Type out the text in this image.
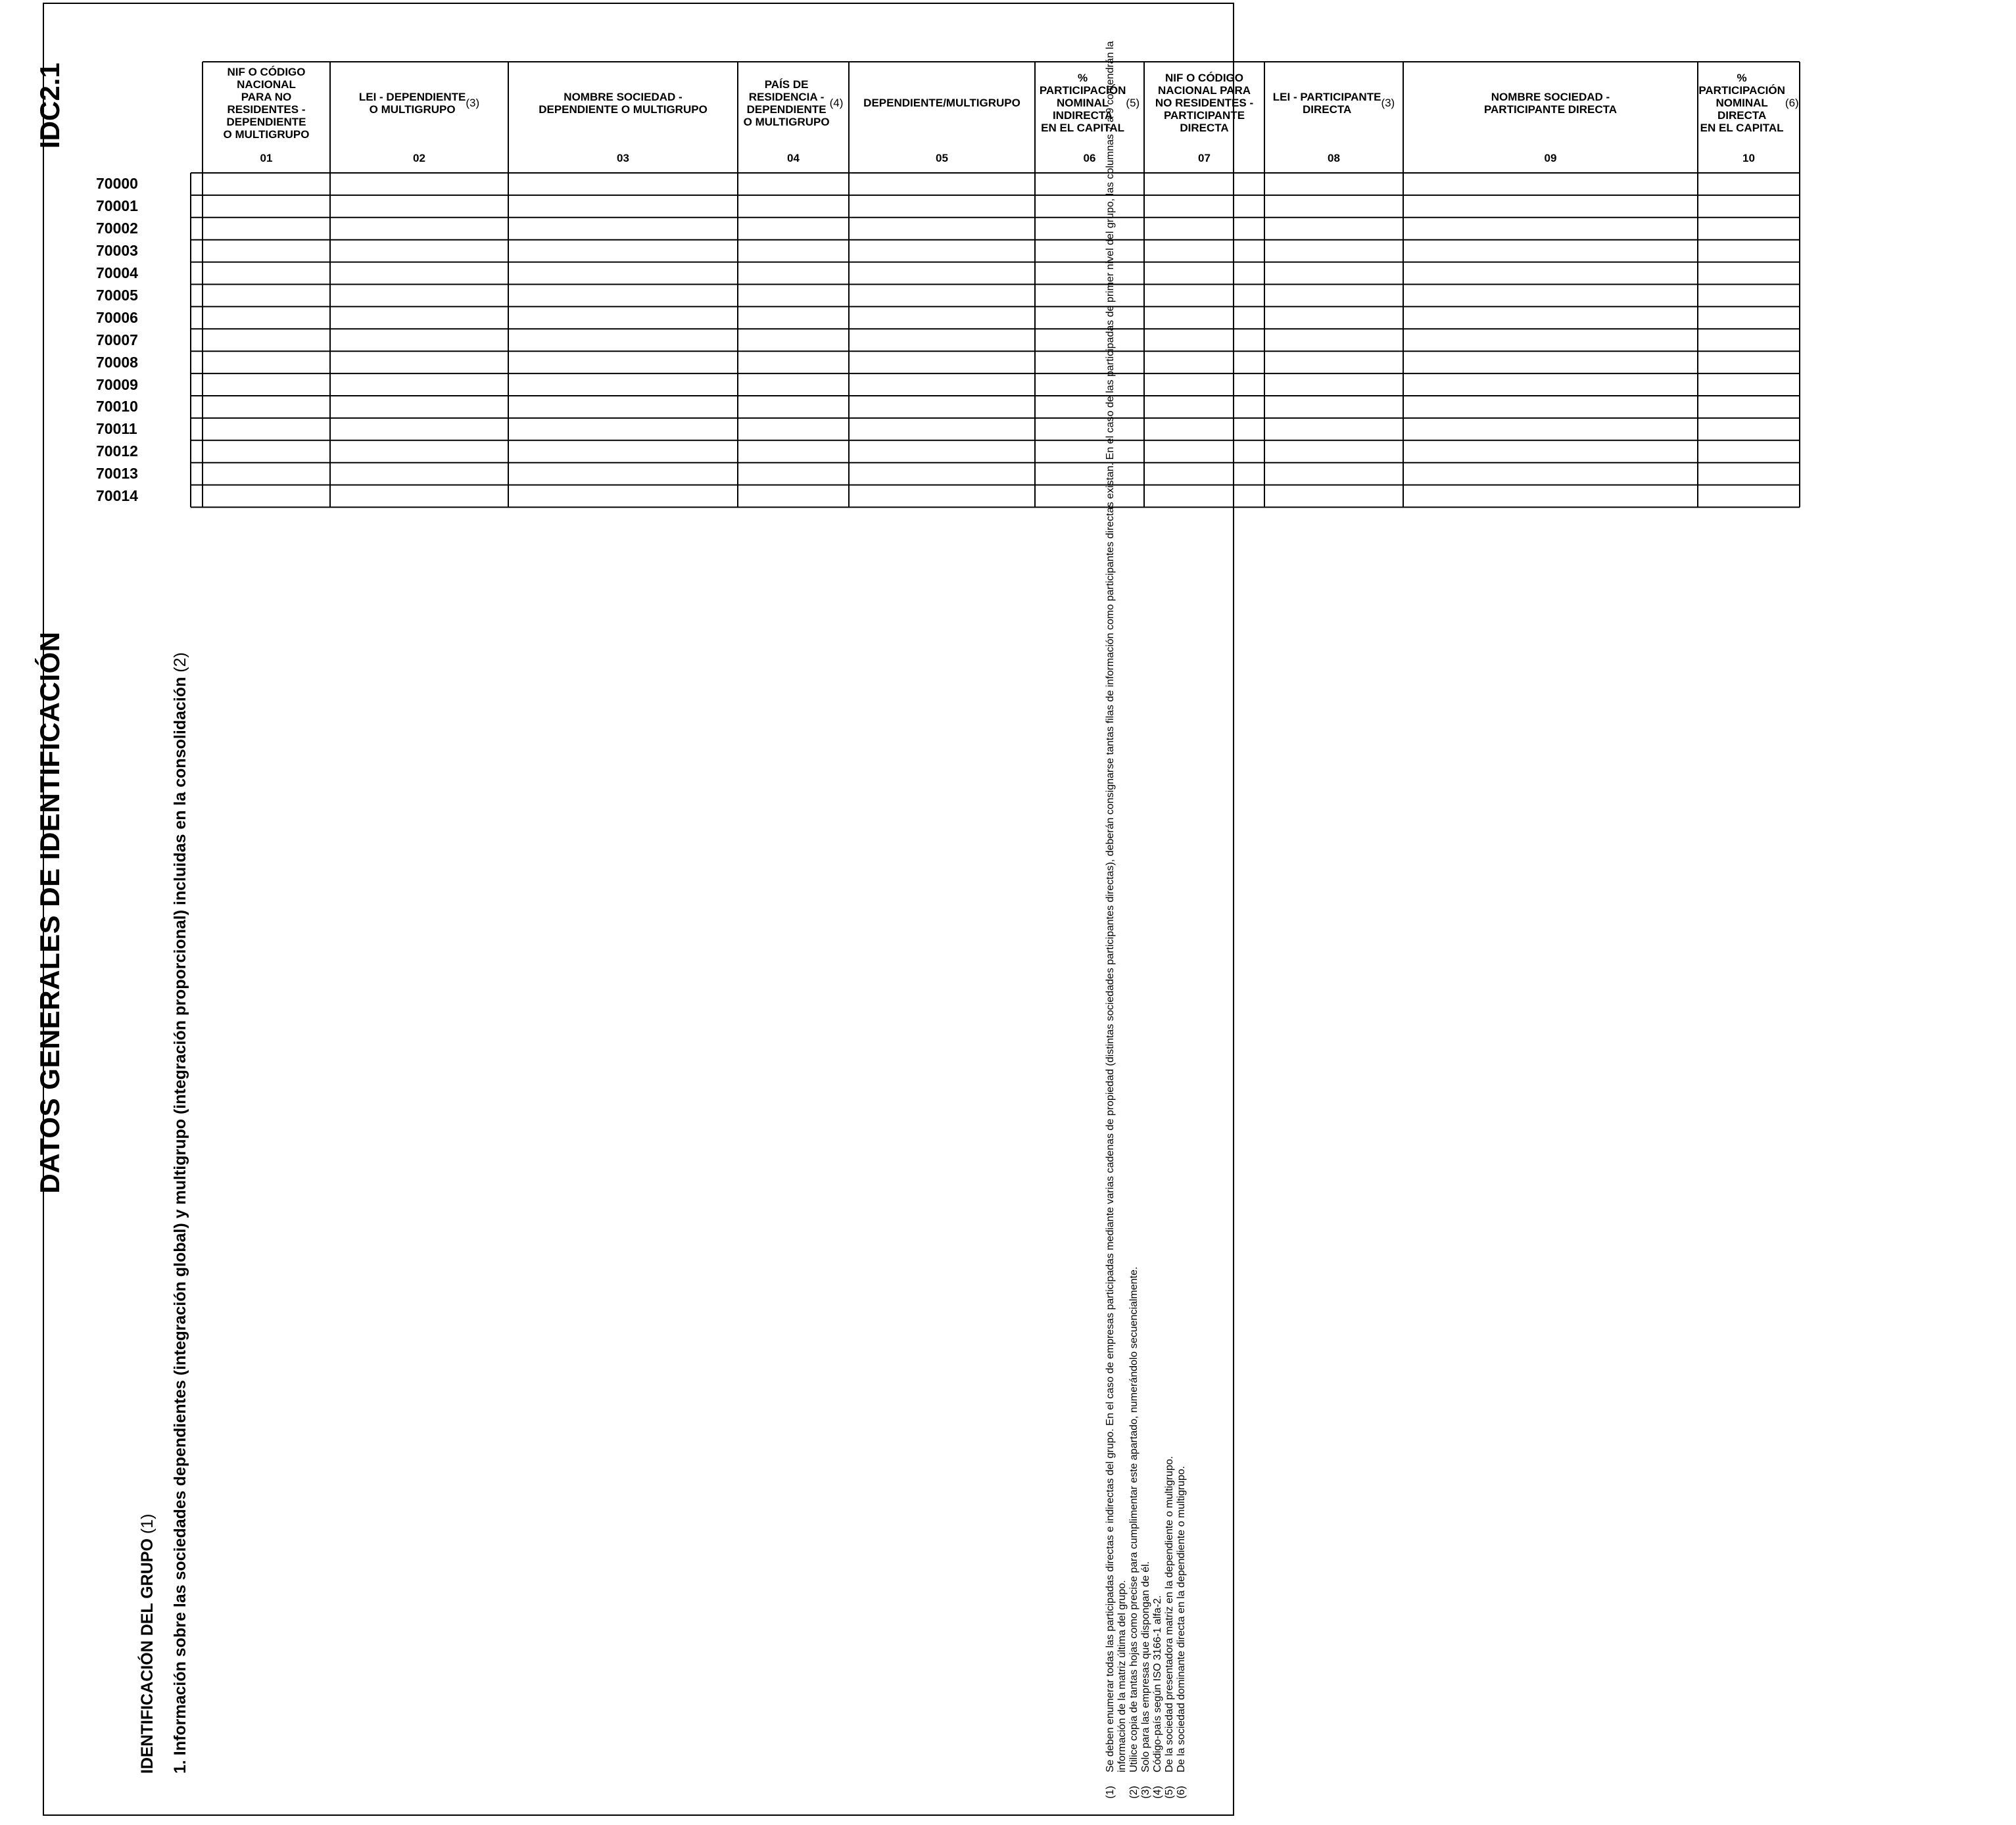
DATOS GENERALES DE IDENTIFICACIÓN
IDC2.1
IDENTIFICACIÓN DEL GRUPO (1) 1. Información sobre las sociedades dependientes (integración global) y multigrupo (integración proporcional) incluidas en la consolidación (2)
NIF O CÓDIGO
NACIONAL
PARA NO
RESIDENTES -
DEPENDIENTE
O MULTIGRUPO
01
LEI - DEPENDIENTE
O MULTIGRUPO (3)
02
NOMBRE SOCIEDAD -
DEPENDIENTE O MULTIGRUPO
03
PAÍS DE
RESIDENCIA -
DEPENDIENTE
O MULTIGRUPO
(4)
04
DEPENDIENTE/MULTIGRUPO
05
%
PARTICIPACIÓN
NOMINAL
INDIRECTA
EN EL CAPITAL
(5)
06
NIF O CÓDIGO
NACIONAL PARA
NO RESIDENTES -
PARTICIPANTE
DIRECTA
07
LEI - PARTICIPANTE
DIRECTA	(3)
08
NOMBRE SOCIEDAD -
PARTICIPANTE DIRECTA
09
%
PARTICIPACIÓN
NOMINAL
DIRECTA
EN EL CAPITAL
(6)
10
70000
70001
70002
70003
70004
70005
70006
70007
70008
70009
70010
70011
70012
70013
70014
(1)
Se deben enumerar todas las participadas directas e indirectas del grupo. En el caso de empresas participadas mediante varias cadenas de propiedad (distintas sociedades participantes directas), deberán consignarse tantas filas de información como participantes directas existan. En el caso de las participadas de primer nivel del grupo, las columnas 7 a 9 contendrán la información de la matriz última del grupo.
(2)
Utilice copia de tantas hojas como precise para cumplimentar este apartado, numerándolo secuencialmente.
(3)
Solo para las empresas que dispongan de él.
(4)
Código-país según ISO 3166-1 alfa-2.
(5)
De la sociedad presentadora matriz en la dependiente o multigrupo.
(6)
De la sociedad dominante directa en la dependiente o multigrupo.
